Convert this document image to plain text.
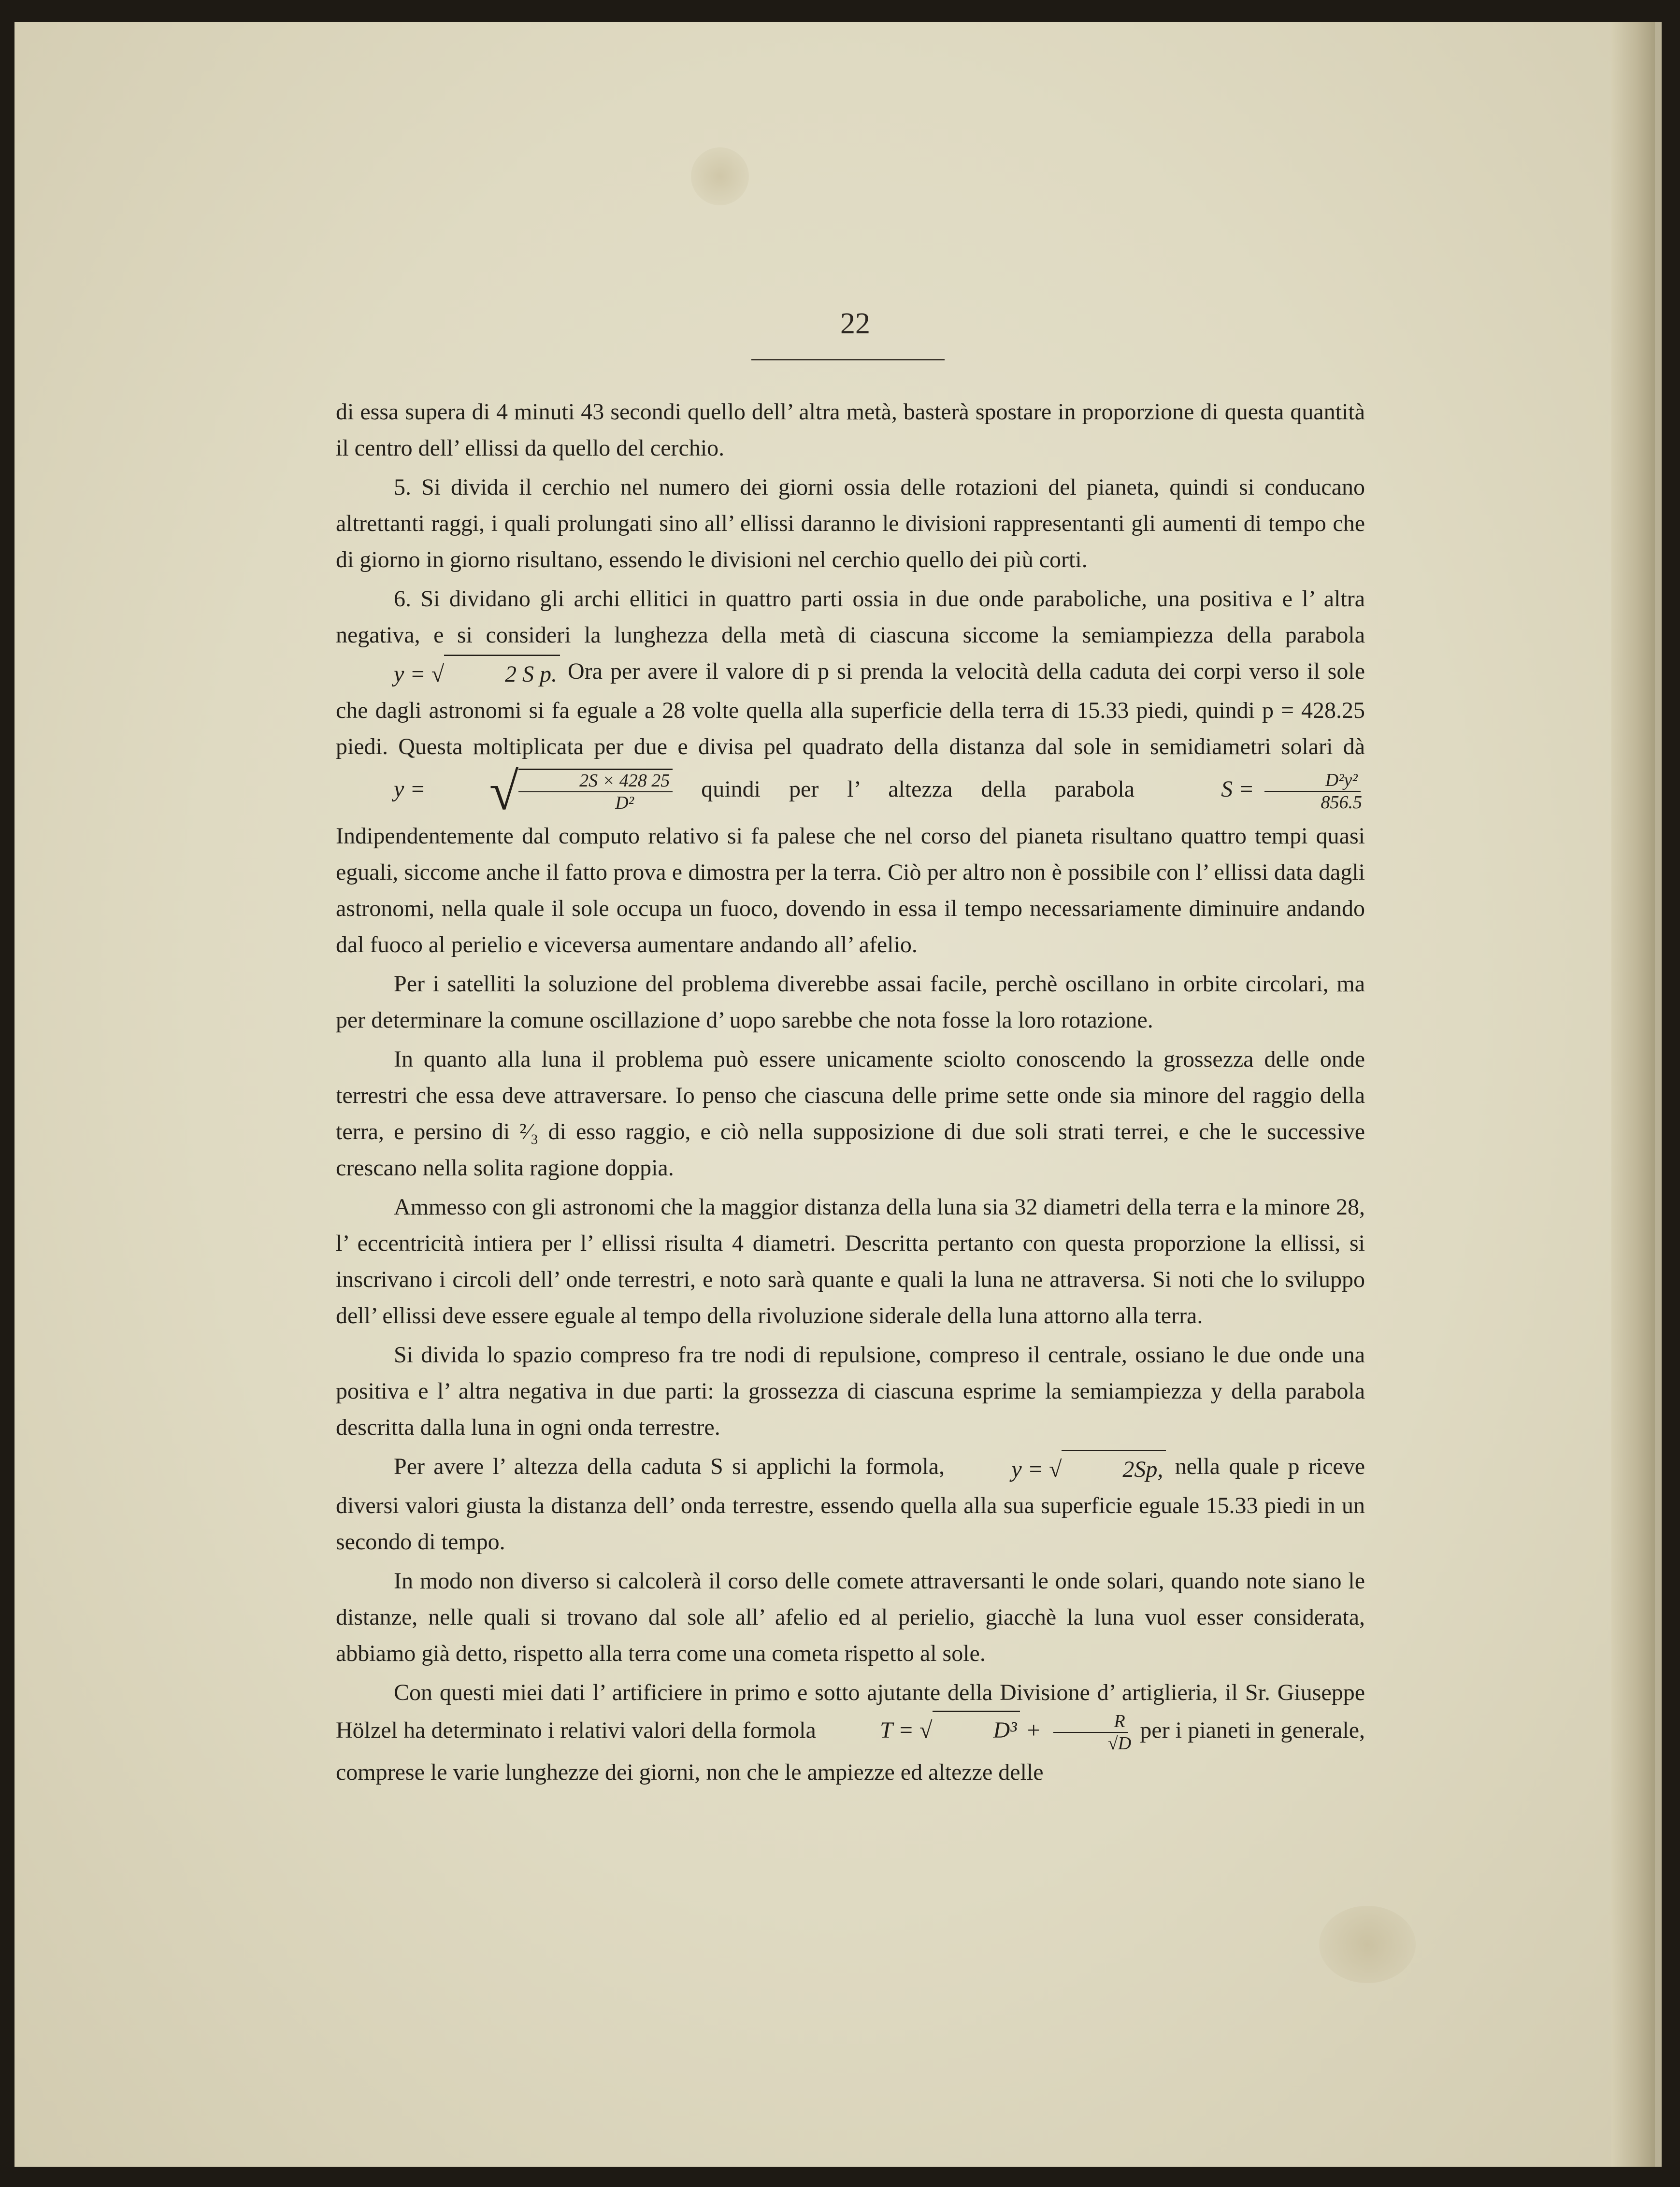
22

di essa supera di 4 minuti 43 secondi quello dell’ altra metà, basterà spostare in proporzione di questa quantità il centro dell’ ellissi da quello del cerchio.

5. Si divida il cerchio nel numero dei giorni ossia delle rotazioni del pianeta, quindi si conducano altrettanti raggi, i quali prolungati sino all’ ellissi daranno le divisioni rappresentanti gli aumenti di tempo che di giorno in giorno risultano, essendo le divisioni nel cerchio quello dei più corti.

6. Si dividano gli archi ellitici in quattro parti ossia in due onde paraboliche, una positiva e l’ altra negativa, e si consideri la lunghezza della metà di ciascuna siccome la semiampiezza della parabola y = √	2 S p. Ora per avere il valore di p si prenda la velocità della caduta dei corpi verso il sole che dagli astronomi si fa eguale a 28 volte quella alla superficie della terra di 15.33 piedi, quindi p = 428.25 piedi. Questa moltiplicata per due e divisa pel quadrato della distanza dal sole in semidiametri solari dà y =	√ $\frac{2S \times 428 25}{\text{D²}}$ quindi per l’ altezza della parabola	$S = \frac{\text{D²y²}}{856.5}$
Indipendentemente dal computo relativo si fa palese che nel corso del pianeta risultano quattro tempi quasi eguali, siccome anche il fatto prova e dimostra per la terra. Ciò per altro non è possibile con l’ ellissi data dagli astronomi, nella quale il sole occupa un fuoco, dovendo in essa il tempo necessariamente diminuire andando dal fuoco al perielio e viceversa aumentare andando all’ afelio.

Per i satelliti la soluzione del problema diverebbe assai facile, perchè oscillano in orbite circolari, ma per determinare la comune oscillazione d’ uopo sarebbe che nota fosse la loro rotazione.

In quanto alla luna il problema può essere unicamente sciolto conoscendo la grossezza delle onde terrestri che essa deve attraversare. Io penso che ciascuna delle prime sette onde sia minore del raggio della terra, e persino di ²⁄₃ di esso raggio, e ciò nella supposizione di due soli strati terrei, e che le successive crescano nella solita ragione doppia.

Ammesso con gli astronomi che la maggior distanza della luna sia 32 diametri della terra e la minore 28, l’ eccentricità intiera per l’ ellissi risulta 4 diametri. Descritta pertanto con questa proporzione la ellissi, si inscrivano i circoli dell’ onde terrestri, e noto sarà quante e quali la luna ne attraversa. Si noti che lo sviluppo dell’ ellissi deve essere eguale al tempo della rivoluzione siderale della luna attorno alla terra.

Si divida lo spazio compreso fra tre nodi di repulsione, compreso il centrale, ossiano le due onde una positiva e l’ altra negativa in due parti: la grossezza di ciascuna esprime la semiampiezza y della parabola descritta dalla luna in ogni onda terrestre.

Per avere l’ altezza della caduta S si applichi la formola,	y = √	2Sp, nella quale p riceve diversi valori giusta la distanza dell’ onda terrestre, essendo quella alla sua superficie eguale 15.33 piedi in un secondo di tempo.

In modo non diverso si calcolerà il corso delle comete attraversanti le onde solari, quando note siano le distanze, nelle quali si trovano dal sole all’ afelio ed al perielio, giacchè la luna vuol esser considerata, abbiamo già detto, rispetto alla terra come una cometa rispetto al sole.

Con questi miei dati l’ artificiere in primo e sotto ajutante della Divisione d’ artiglieria, il Sr. Giuseppe Hölzel ha determinato i relativi valori della formola	T = √	$D^3 + \frac{R}{√D}$ per i pianeti in generale, comprese le varie lunghezze dei giorni, non che le ampiezze ed altezze delle
